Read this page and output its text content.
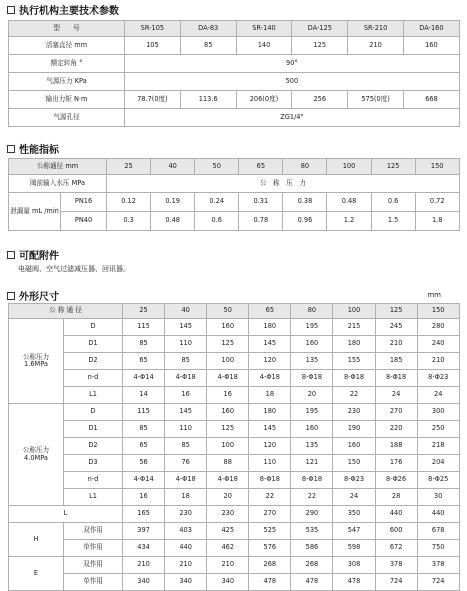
执行机构主要技术参数
型　　号	SR-105	DA-83	SR-140	DA-125	SR-210	DA-160
活塞直径 mm	105	85	140	125	210	160
额定转角 °	90°					
气源压力 KPa	500					
输出力矩 N·m	78.7(0度)	113.6	206(0度)	256	575(0度)	668
气源孔径	ZG1/4"					
性能指标
公称通径 mm		25	40	50	65	80	100	125	150
阀前输入水压 MPa		公　称　压　力							
泄漏量 mL /min	PN16	0.12	0.19	0.24	0.31	0.38	0.48	0.6	0.72
	PN40	0.3	0.48	0.6	0.78	0.96	1.2	1.5	1.8
可配附件
电磁阀、空气过滤减压器、回讯器。
外形尺寸	mm
公 称 通 径		25	40	50	65	80	100	125	150
公称压力 1.6MPa	D	115	145	160	180	195	215	245	280
	D1	85	110	125	145	160	180	210	240
	D2	65	85	100	120	135	155	185	210
	n-d	4-Φ14	4-Φ18	4-Φ18	4-Φ18	8-Φ18	8-Φ18	8-Φ18	8-Φ23
	L1	14	16	16	18	20	22	24	24
公称压力 4.0MPa	D	115	145	160	180	195	230	270	300
	D1	85	110	125	145	160	190	220	250
	D2	65	85	100	120	135	160	188	218
	D3	56	76	88	110	121	150	176	204
	n-d	4-Φ14	4-Φ18	4-Φ18	8-Φ18	8-Φ18	8-Φ23	8-Φ26	8-Φ25
	L1	16	18	20	22	22	24	28	30
L		165	230	230	270	290	350	440	440
H	双作用	397	403	425	525	535	547	600	678
	单作用	434	440	462	576	586	598	672	750
E	双作用	210	210	210	268	268	308	378	378
	单作用	340	340	340	478	478	478	724	724
